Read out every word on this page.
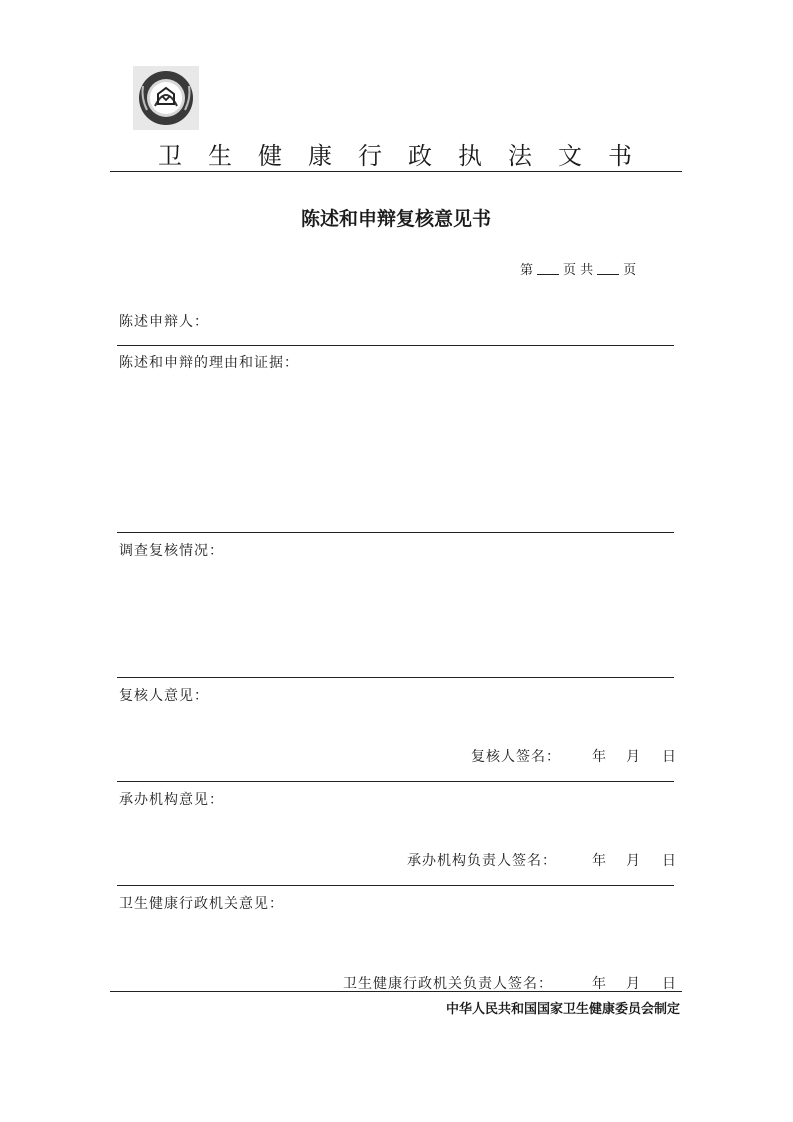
卫	生	健	康	行	政	执	法	文	书
陈述和申辩复核意见书
第 页 共 页
陈述申辩人：
陈述和申辩的理由和证据：
调查复核情况：
复核人意见：
复核人签名： 年 月 日
承办机构意见：
承办机构负责人签名：	年 月 日
卫生健康行政机关意见：
卫生健康行政机关负责人签名：	年 月 日
中华人民共和国国家卫生健康委员会制定
